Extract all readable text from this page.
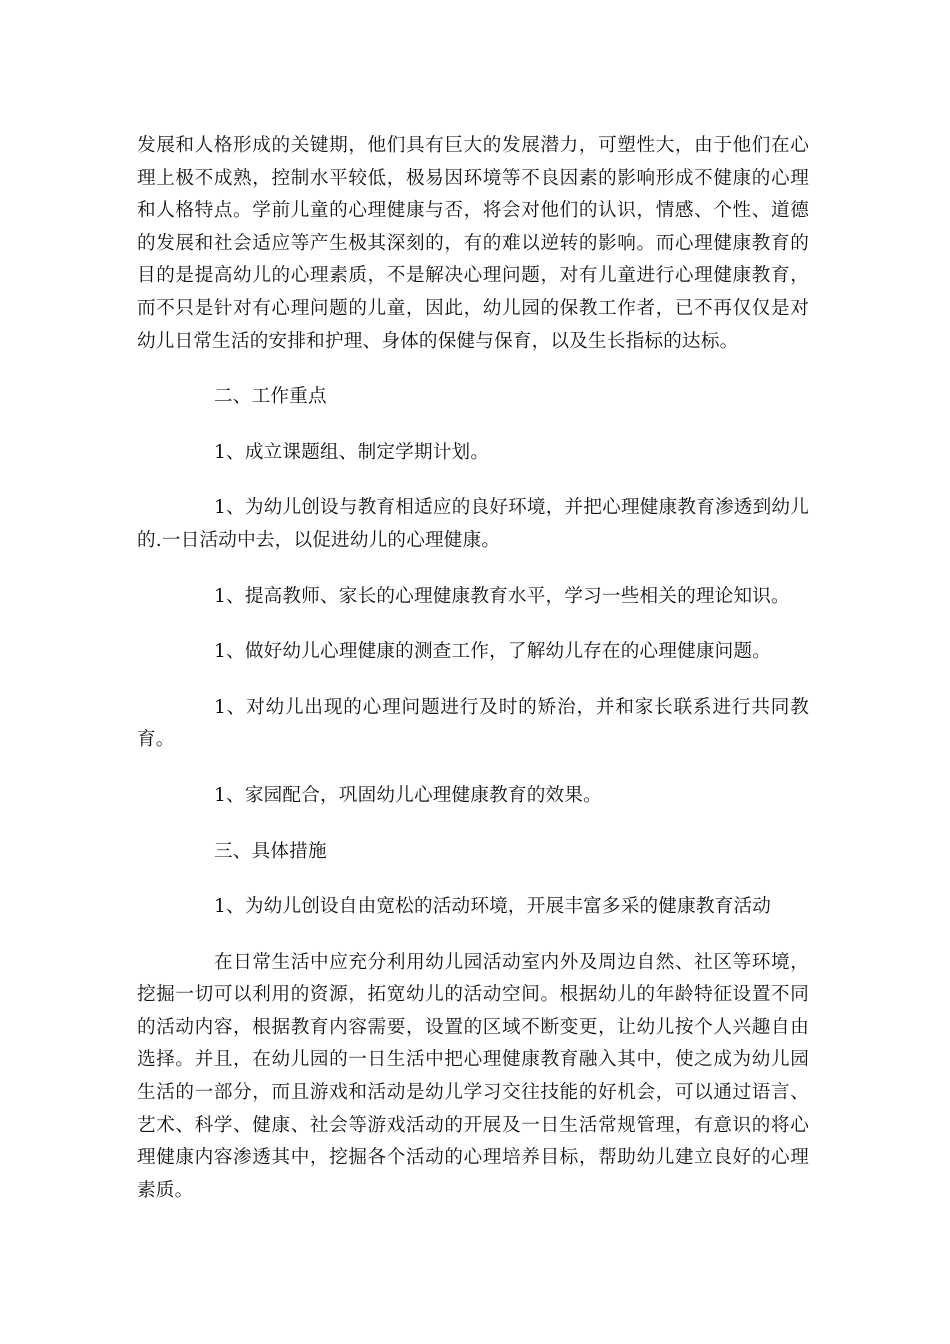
发展和人格形成的关键期，他们具有巨大的发展潜力，可塑性大，由于他们在心理上极不成熟，控制水平较低，极易因环境等不良因素的影响形成不健康的心理和人格特点。学前儿童的心理健康与否，将会对他们的认识，情感、个性、道德的发展和社会适应等产生极其深刻的，有的难以逆转的影响。而心理健康教育的目的是提高幼儿的心理素质，不是解决心理问题，对有儿童进行心理健康教育，而不只是针对有心理问题的儿童，因此，幼儿园的保教工作者，已不再仅仅是对幼儿日常生活的安排和护理、身体的保健与保育，以及生长指标的达标。

二、工作重点

1、成立课题组、制定学期计划。

1、为幼儿创设与教育相适应的良好环境，并把心理健康教育渗透到幼儿的.一日活动中去，以促进幼儿的心理健康。

1、提高教师、家长的心理健康教育水平，学习一些相关的理论知识。

1、做好幼儿心理健康的测查工作，了解幼儿存在的心理健康问题。

1、对幼儿出现的心理问题进行及时的矫治，并和家长联系进行共同教育。

1、家园配合，巩固幼儿心理健康教育的效果。

三、具体措施

1、为幼儿创设自由宽松的活动环境，开展丰富多采的健康教育活动

在日常生活中应充分利用幼儿园活动室内外及周边自然、社区等环境，挖掘一切可以利用的资源，拓宽幼儿的活动空间。根据幼儿的年龄特征设置不同的活动内容，根据教育内容需要，设置的区域不断变更，让幼儿按个人兴趣自由选择。并且，在幼儿园的一日生活中把心理健康教育融入其中，使之成为幼儿园生活的一部分，而且游戏和活动是幼儿学习交往技能的好机会，可以通过语言、艺术、科学、健康、社会等游戏活动的开展及一日生活常规管理，有意识的将心理健康内容渗透其中，挖掘各个活动的心理培养目标，帮助幼儿建立良好的心理素质。
